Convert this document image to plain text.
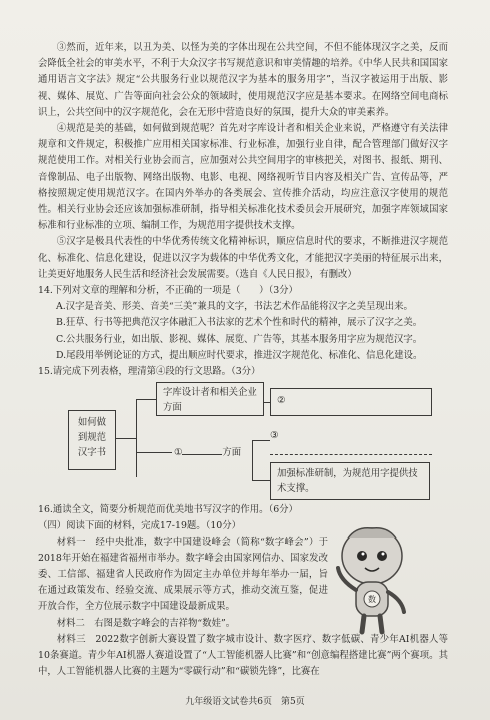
③然而，近年来，以丑为美、以怪为美的字体出现在公共空间，不但不能体现汉字之美，反而会降低全社会的审美水平，不利于大众汉字书写规范意识和审美情趣的培养。《中华人民共和国国家通用语言文字法》规定“公共服务行业以规范汉字为基本的服务用字”，当汉字被运用于出版、影视、媒体、展览、广告等面向社会公众的领域时，使用规范汉字应是基本要求。在网络空间电商标识上，公共空间中的汉字规范化，会在无形中营造良好的氛围，提升大众的审美素养。

④规范是美的基础，如何做到规范呢？首先对字库设计者和相关企业来说，严格遵守有关法律规章和文件规定，积极推广应用相关国家标准、行业标准，加强行业自律，配合管理部门做好汉字规范使用工作。对相关行业协会而言，应加强对公共空间用字的审核把关，对图书、报纸、期刊、音像制品、电子出版物、网络出版物、电影、电视、网络视听节目内容及相关广告、宣传品等，严格按照规定使用规范汉字。在国内外举办的各类展会、宣传推介活动，均应注意汉字使用的规范性。相关行业协会还应该加强标准研制，指导相关标准化技术委员会开展研究，加强字库领域国家标准和行业标准的立项、编制工作，为规范用字提供技术支撑。

⑤汉字是极具代表性的中华优秀传统文化精神标识，顺应信息时代的要求，不断推进汉字规范化、标准化、信息化建设，促进以汉字为载体的中华优秀文化，才能把汉字美丽的特征展示出来，让美更好地服务人民生活和经济社会发展需要。（选自《人民日报》，有删改）

14.下列对文章的理解和分析，不正确的一项是（　　）（3分）

A.汉字是音美、形美、音美“三美”兼具的文字，书法艺术作品能将汉字之美呈现出来。

B.狂草、行书等把典范汉字体融汇入书法家的艺术个性和时代的精神，展示了汉字之美。

C.公共服务行业，如出版、影视、媒体、展览、广告等，其基本服务用字应为规范汉字。

D.尾段用举例论证的方式，提出顺应时代要求，推进汉字规范化、标准化、信息化建设。

15.请完成下列表格，理清第④段的行文思路。（3分）

如何做到规范汉字书
字库设计者和相关企业方面
②
①	方面
③
加强标准研制，为规范用字提供技术支撑。

16.通读全文，简要分析规范而优美地书写汉字的作用。（6分）

（四）阅读下面的材料，完成17-19题。（10分）

材料一　经中央批准，数字中国建设峰会（简称“数字峰会”）于2018年开始在福建省福州市举办。数字峰会由国家网信办、国家发改委、工信部、福建省人民政府作为固定主办单位并每年举办一届，旨在通过政策发布、经验交流、成果展示等方式，推动交流互鉴，促进开放合作，全方位展示数字中国建设最新成果。

材料二　右图是数字峰会的吉祥物“数娃”。

材料三　2022数字创新大赛设置了数字城市设计、数字医疗、数字低碳、青少年AI机器人等10条赛道。青少年AI机器人赛道设置了“人工智能机器人比赛”和“创意编程搭建比赛”两个赛项。其中，人工智能机器人比赛的主题为“零碳行动”和“碳锁先锋”，比赛在

数
九年级语文试卷共6页　第5页
